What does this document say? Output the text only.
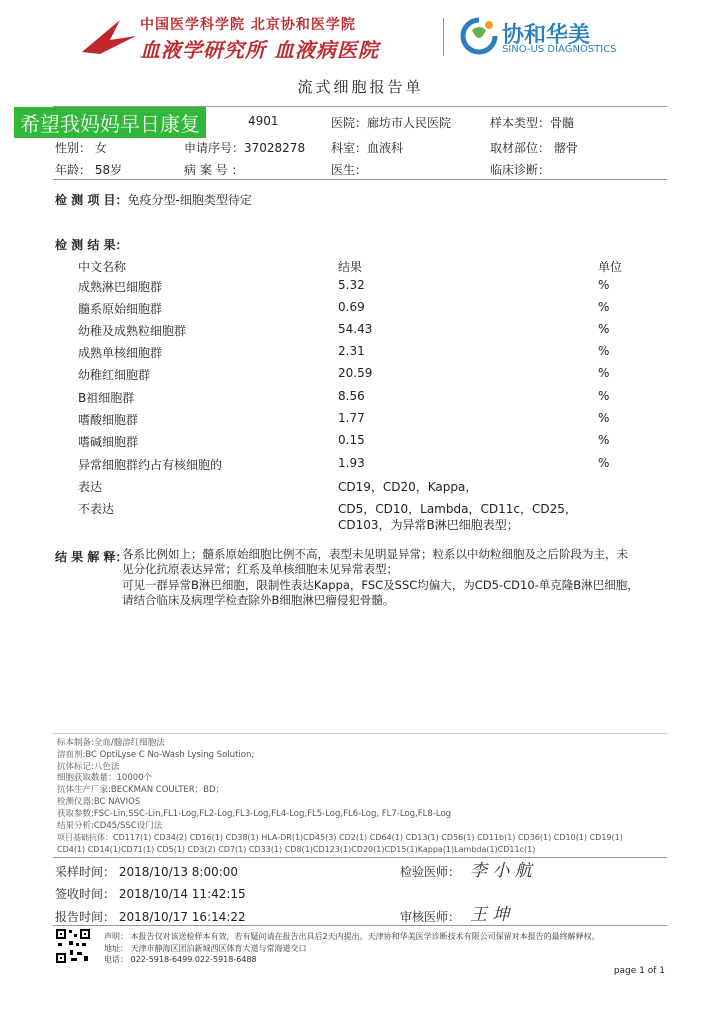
中国医学科学院 北京协和医学院
血液学研究所 血液病医院
协和华美
SINO-US DIAGNOSTICS
流式细胞报告单
4901	医院：廊坊市人民医院	样本类型：骨髓
性别： 女	申请序号：37028278 科室：血液科	取材部位： 髂骨
年龄： 58岁	病 案 号 ：	医生：	临床诊断：
希望我妈妈早日康复
检 测 项 目：免疫分型-细胞类型待定
检 测 结 果：
中文名称	结果	单位
成熟淋巴细胞群	5.32	%
髓系原始细胞群	0.69	%
幼稚及成熟粒细胞群	54.43	%
成熟单核细胞群	2.31	%
幼稚红细胞群	20.59	%
B祖细胞群	8.56	%
嗜酸细胞群	1.77	%
嗜碱细胞群	0.15	%
异常细胞群约占有核细胞的	1.93	%
表达	CD19，CD20，Kappa，
不表达	CD5，CD10，Lambda，CD11c，CD25，
CD103，为异常B淋巴细胞表型；
结 果 解 释：
各系比例如上；髓系原始细胞比例不高，表型未见明显异常；粒系以中幼粒细胞及之后阶段为主，未
见分化抗原表达异常；红系及单核细胞未见异常表型；
可见一群异常B淋巴细胞，限制性表达Kappa，FSC及SSC均偏大，为CD5-CD10-单克隆B淋巴细胞，
请结合临床及病理学检查除外B细胞淋巴瘤侵犯骨髓。
标本制备:全血/髓溶红细胞法
溶血剂:BC OptiLyse C No-Wash Lysing Solution;
抗体标记:八色法
细胞获取数量：10000个
抗体生产厂家:BECKMAN COULTER；BD；
检测仪器:BC NAVIOS
获取参数:FSC-Lin,SSC-Lin,FL1-Log,FL2-Log,FL3-Log,FL4-Log,FL5-Log,FL6-Log, FL7-Log,FL8-Log
结果分析:CD45/SSC设门法
项目基础抗体：CD117(1) CD34(2) CD16(1) CD38(1) HLA-DR(1)CD45(3) CD2(1) CD64(1) CD13(1) CD56(1) CD11b(1) CD36(1) CD10(1) CD19(1)
CD4(1) CD14(1)CD71(1) CD5(1) CD3(2) CD7(1) CD33(1) CD8(1)CD123(1)CD20(1)CD15(1)Kappa(1)Lambda(1)CD11c(1)
采样时间： 2018/10/13 8:00:00
签收时间： 2018/10/14 11:42:15
报告时间： 2018/10/17 16:14:22
检验医师： 李 小 航
审核医师： 王 坤
声明： 本报告仅对该送检样本有效，若有疑问请在报告出具后2天内提出。天津协和华美医学诊断技术有限公司保留对本报告的最终解释权。
地址： 天津市静海区团泊新城西区体育大道与常海道交口
电话： 022-5918-6499 022-5918-6488
page 1 of 1
